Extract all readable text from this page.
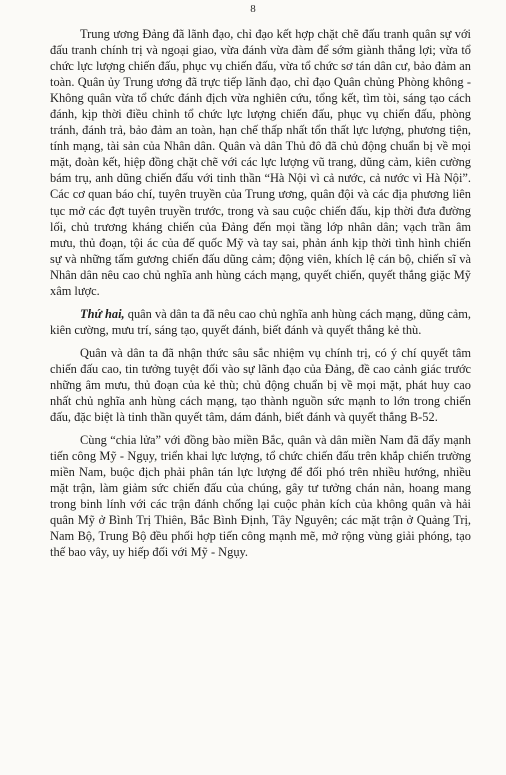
8

Trung ương Đảng đã lãnh đạo, chỉ đạo kết hợp chặt chẽ đấu tranh quân sự với đấu tranh chính trị và ngoại giao, vừa đánh vừa đàm để sớm giành thắng lợi; vừa tổ chức lực lượng chiến đấu, phục vụ chiến đấu, vừa tổ chức sơ tán dân cư, bảo đảm an toàn. Quân ủy Trung ương đã trực tiếp lãnh đạo, chỉ đạo Quân chủng Phòng không - Không quân vừa tổ chức đánh địch vừa nghiên cứu, tổng kết, tìm tòi, sáng tạo cách đánh, kịp thời điều chỉnh tổ chức lực lượng chiến đấu, phục vụ chiến đấu, phòng tránh, đánh trả, bảo đảm an toàn, hạn chế thấp nhất tổn thất lực lượng, phương tiện, tính mạng, tài sản của Nhân dân. Quân và dân Thủ đô đã chủ động chuẩn bị về mọi mặt, đoàn kết, hiệp đồng chặt chẽ với các lực lượng vũ trang, dũng cảm, kiên cường bám trụ, anh dũng chiến đấu với tinh thần “Hà Nội vì cả nước, cả nước vì Hà Nội”. Các cơ quan báo chí, tuyên truyền của Trung ương, quân đội và các địa phương liên tục mở các đợt tuyên truyền trước, trong và sau cuộc chiến đấu, kịp thời đưa đường lối, chủ trương kháng chiến của Đảng đến mọi tầng lớp nhân dân; vạch trần âm mưu, thủ đoạn, tội ác của đế quốc Mỹ và tay sai, phản ánh kịp thời tình hình chiến sự và những tấm gương chiến đấu dũng cảm; động viên, khích lệ cán bộ, chiến sĩ và Nhân dân nêu cao chủ nghĩa anh hùng cách mạng, quyết chiến, quyết thắng giặc Mỹ xâm lược.

Thứ hai, quân và dân ta đã nêu cao chủ nghĩa anh hùng cách mạng, dũng cảm, kiên cường, mưu trí, sáng tạo, quyết đánh, biết đánh và quyết thắng kẻ thù.

Quân và dân ta đã nhận thức sâu sắc nhiệm vụ chính trị, có ý chí quyết tâm chiến đấu cao, tin tưởng tuyệt đối vào sự lãnh đạo của Đảng, đề cao cảnh giác trước những âm mưu, thủ đoạn của kẻ thù; chủ động chuẩn bị về mọi mặt, phát huy cao nhất chủ nghĩa anh hùng cách mạng, tạo thành nguồn sức mạnh to lớn trong chiến đấu, đặc biệt là tinh thần quyết tâm, dám đánh, biết đánh và quyết thắng B-52.

Cùng “chia lửa” với đồng bào miền Bắc, quân và dân miền Nam đã đẩy mạnh tiến công Mỹ - Ngụy, triển khai lực lượng, tổ chức chiến đấu trên khắp chiến trường miền Nam, buộc địch phải phân tán lực lượng để đối phó trên nhiều hướng, nhiều mặt trận, làm giảm sức chiến đấu của chúng, gây tư tưởng chán nản, hoang mang trong binh lính với các trận đánh chống lại cuộc phản kích của không quân và hải quân Mỹ ở Bình Trị Thiên, Bắc Bình Định, Tây Nguyên; các mặt trận ở Quảng Trị, Nam Bộ, Trung Bộ đều phối hợp tiến công mạnh mẽ, mở rộng vùng giải phóng, tạo thế bao vây, uy hiếp đối với Mỹ - Ngụy.
